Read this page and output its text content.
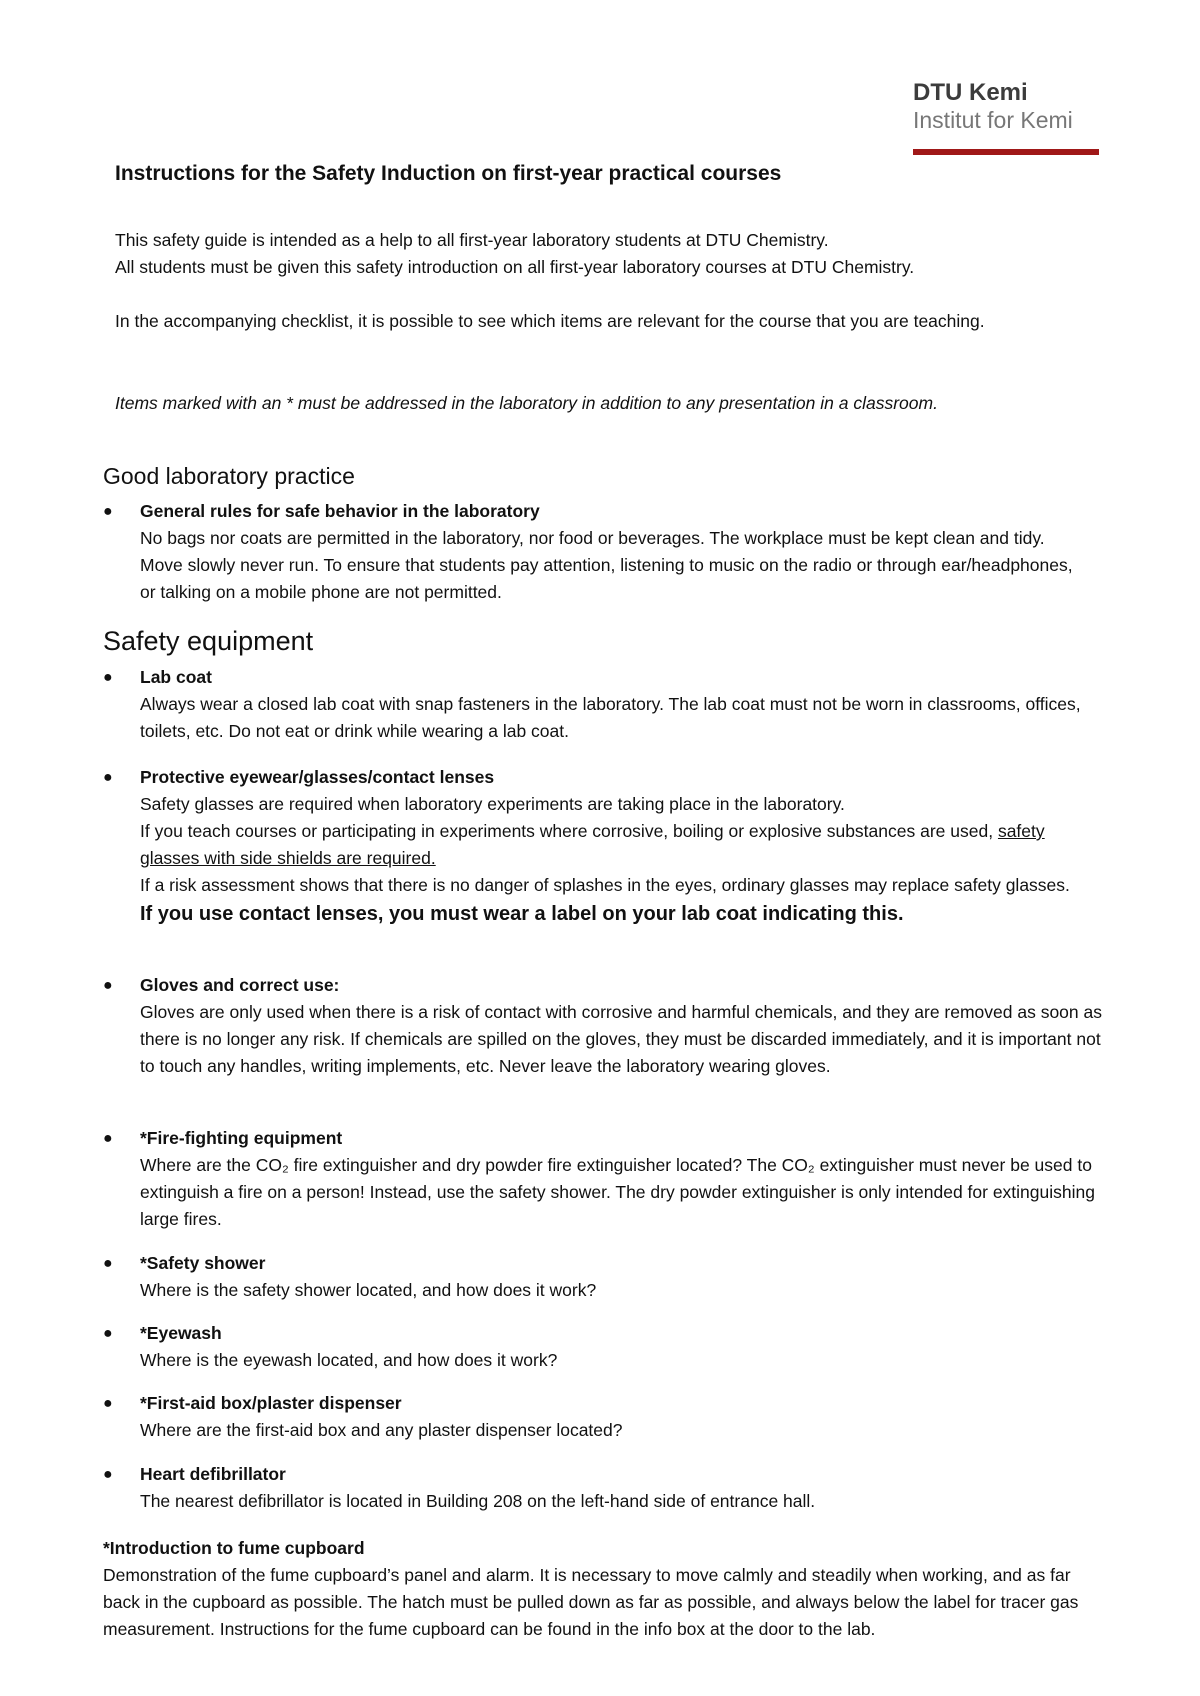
DTU Kemi
Institut for Kemi
Instructions for the Safety Induction on first-year practical courses

This safety guide is intended as a help to all first-year laboratory students at DTU Chemistry.

All students must be given this safety introduction on all first-year laboratory courses at DTU Chemistry.

In the accompanying checklist, it is possible to see which items are relevant for the course that you are teaching.

Items marked with an * must be addressed in the laboratory in addition to any presentation in a classroom.

Good laboratory practice
●	General rules for safe behavior in the laboratory
No bags nor coats are permitted in the laboratory, nor food or beverages. The workplace must be kept clean and tidy. Move slowly never run. To ensure that students pay attention, listening to music on the radio or through ear/headphones, or talking on a mobile phone are not permitted.
Safety equipment
●	Lab coat
Always wear a closed lab coat with snap fasteners in the laboratory. The lab coat must not be worn in classrooms, offices, toilets, etc. Do not eat or drink while wearing a lab coat.
●	Protective eyewear/glasses/contact lenses
Safety glasses are required when laboratory experiments are taking place in the laboratory.
If you teach courses or participating in experiments where corrosive, boiling or explosive substances are used, safety glasses with side shields are required.
If a risk assessment shows that there is no danger of splashes in the eyes, ordinary glasses may replace safety glasses.
If you use contact lenses, you must wear a label on your lab coat indicating this.
●	Gloves and correct use:
Gloves are only used when there is a risk of contact with corrosive and harmful chemicals, and they are removed as soon as there is no longer any risk. If chemicals are spilled on the gloves, they must be discarded immediately, and it is important not to touch any handles, writing implements, etc. Never leave the laboratory wearing gloves.
●	*Fire-fighting equipment
Where are the CO₂ fire extinguisher and dry powder fire extinguisher located? The CO₂ extinguisher must never be used to extinguish a fire on a person! Instead, use the safety shower. The dry powder extinguisher is only intended for extinguishing large fires.
●	*Safety shower
Where is the safety shower located, and how does it work?
●	*Eyewash
Where is the eyewash located, and how does it work?
●	*First-aid box/plaster dispenser
Where are the first-aid box and any plaster dispenser located?
●	Heart defibrillator
The nearest defibrillator is located in Building 208 on the left-hand side of entrance hall.
*Introduction to fume cupboard
Demonstration of the fume cupboard’s panel and alarm. It is necessary to move calmly and steadily when working, and as far back in the cupboard as possible. The hatch must be pulled down as far as possible, and always below the label for tracer gas measurement. Instructions for the fume cupboard can be found in the info box at the door to the lab.
